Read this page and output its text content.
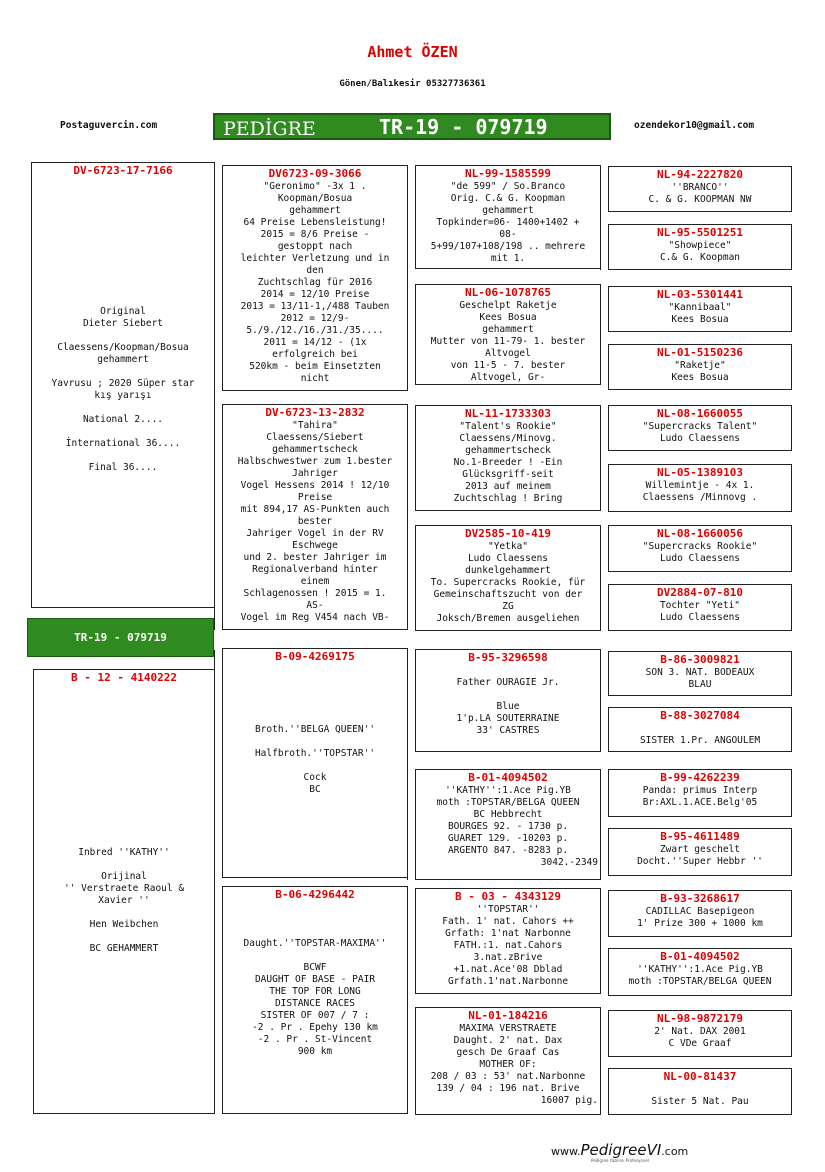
Ahmet ÖZEN
Gönen/Balıkesir 05327736361
Postaguvercin.com	PEDİGRE	TR-19 - 079719	ozendekor10@gmail.com
DV-6723-17-7166
Original
Dieter Siebert

Claessens/Koopman/Bosua
gehammert

Yavrusu ; 2020 Süper star
kış yarışı

National 2....

İnternational 36....

Final 36....
TR-19 - 079719
B - 12 - 4140222
Inbred ''KATHY''

Orijinal
'' Verstraete Raoul &
Xavier ''

Hen Weibchen

BC GEHAMMERT
DV6723-09-3066
"Geronimo" -3x 1 .
Koopman/Bosua
gehammert
64 Preise Lebensleistung!
2015 = 8/6 Preise -
gestoppt nach
leichter Verletzung und in
den
Zuchtschlag für 2016
2014 = 12/10 Preise
2013 = 13/11-1,/488 Tauben
2012 = 12/9-
5./9./12./16./31./35....
2011 = 14/12 - (1x
erfolgreich bei
520km - beim Einsetzten
nicht
DV-6723-13-2832
"Tahira"
Claessens/Siebert
gehammertscheck
Halbschwestwer zum 1.bester
Jahriger
Vogel Hessens 2014 ! 12/10
Preise
mit 894,17 AS-Punkten auch
bester
Jahriger Vogel in der RV
Eschwege
und 2. bester Jahriger im
Regionalverband hinter
einem
Schlagenossen ! 2015 = 1.
AS-
Vogel im Reg V454 nach VB-
B-09-4269175

Broth.''BELGA QUEEN''

Halfbroth.''TOPSTAR''

Cock
BC
B-06-4296442

Daught.''TOPSTAR-MAXIMA''

BCWF
DAUGHT OF BASE - PAIR
THE TOP FOR LONG
DISTANCE RACES
SISTER OF 007 / 7 :
-2 . Pr . Epehy 130 km
-2 . Pr . St-Vincent
900 km
NL-99-1585599
"de 599" / So.Branco
Orig. C.& G. Koopman
gehammert
Topkinder=06- 1400+1402 +
08-
5+99/107+108/198 .. mehrere
mit 1.
NL-06-1078765
Geschelpt Raketje
Kees Bosua
gehammert
Mutter von 11-79- 1. bester
Altvogel
von 11-5 - 7. bester
Altvogel, Gr-
NL-11-1733303
"Talent's Rookie"
Claessens/Minovg.
gehammertscheck
No.1-Breeder ! -Ein
Glücksgriff-seit
2013 auf meinem
Zuchtschlag ! Bring
DV2585-10-419
"Yetka"
Ludo Claessens
dunkelgehammert
To. Supercracks Rookie, für
Gemeinschaftszucht von der
ZG
Joksch/Bremen ausgeliehen
B-95-3296598

Father OURAGIE Jr.

Blue
1'p.LA SOUTERRAINE
33' CASTRES
B-01-4094502
''KATHY'':1.Ace Pig.YB
moth :TOPSTAR/BELGA QUEEN
BC Hebbrecht
BOURGES 92. - 1730 p.
GUARET 129. -10203 p.
ARGENTO 847. -8283 p.
3042.-2349
B - 03 - 4343129
''TOPSTAR''
Fath. 1' nat. Cahors ++
Grfath: 1'nat Narbonne
FATH.:1. nat.Cahors
3.nat.zBrive
+1.nat.Ace'08 Dblad
Grfath.1'nat.Narbonne
NL-01-184216
MAXIMA VERSTRAETE
Daught. 2' nat. Dax
gesch De Graaf Cas
MOTHER OF:
208 / 03 : 53' nat.Narbonne
139 / 04 : 196 nat. Brive
16007 pig.
NL-94-2227820
''BRANCO''
C. & G. KOOPMAN NW
NL-95-5501251
"Showpiece"
C.& G. Koopman
NL-03-5301441
"Kannibaal"
Kees Bosua
NL-01-5150236
"Raketje"
Kees Bosua
NL-08-1660055
"Supercracks Talent"
Ludo Claessens
NL-05-1389103
Willemintje - 4x 1.
Claessens /Minnovg .
NL-08-1660056
"Supercracks Rookie"
Ludo Claessens
DV2884-07-810
Tochter "Yeti"
Ludo Claessens
B-86-3009821
SON 3. NAT. BODEAUX
BLAU
B-88-3027084

SISTER 1.Pr. ANGOULEM
B-99-4262239
Panda: primus Interp
Br:AXL.1.ACE.Belg'05
B-95-4611489
Zwart geschelt
Docht.''Super Hebbr ''
B-93-3268617
CADILLAC Basepigeon
1' Prize 300 + 1000 km
B-01-4094502
''KATHY'':1.Ace Pig.YB
moth :TOPSTAR/BELGA QUEEN
NL-98-9872179
2' Nat. DAX 2001
C VDe Graaf
NL-00-81437

Sister 5 Nat. Pau
www.PedigreeVI.com
Pedigree Yazılımı Profesyonel
